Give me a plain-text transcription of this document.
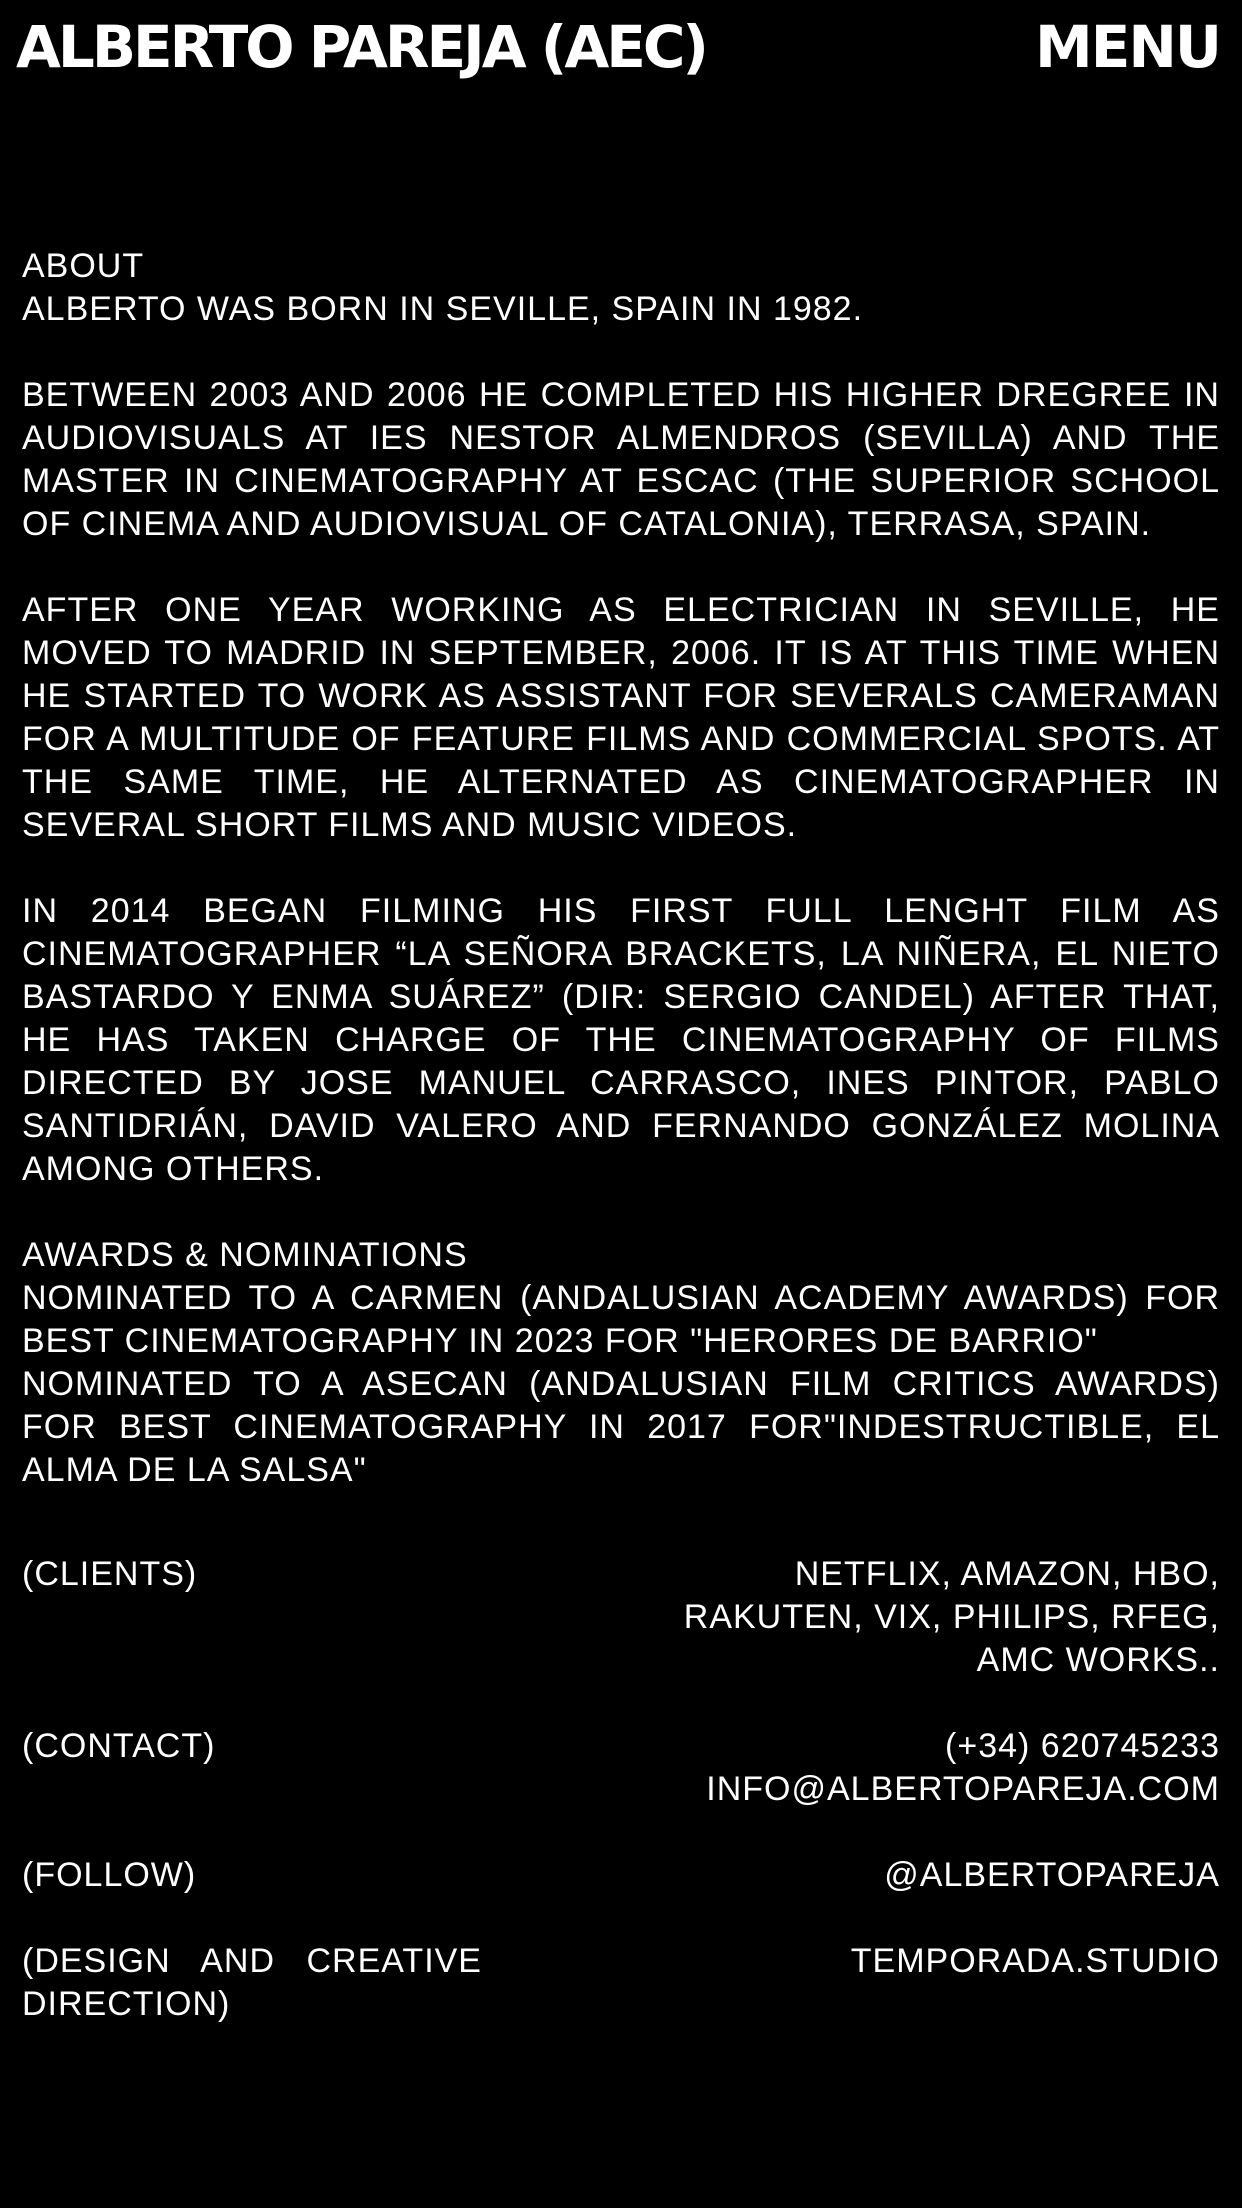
ALBERTO PAREJA (AEC)	MENU
ABOUT
ALBERTO WAS BORN IN SEVILLE, SPAIN IN 1982.

BETWEEN 2003 AND 2006 HE COMPLETED HIS HIGHER DREGREE IN AUDIOVISUALS AT IES NESTOR ALMENDROS (SEVILLA) AND THE MASTER IN CINEMATOGRAPHY AT ESCAC (THE SUPERIOR SCHOOL OF CINEMA AND AUDIOVISUAL OF CATALONIA), TERRASA, SPAIN.

AFTER ONE YEAR WORKING AS ELECTRICIAN IN SEVILLE, HE MOVED TO MADRID IN SEPTEMBER, 2006. IT IS AT THIS TIME WHEN HE STARTED TO WORK AS ASSISTANT FOR SEVERALS CAMERAMAN FOR A MULTITUDE OF FEATURE FILMS AND COMMERCIAL SPOTS. AT THE SAME TIME, HE ALTERNATED AS CINEMATOGRAPHER IN SEVERAL SHORT FILMS AND MUSIC VIDEOS.

IN 2014 BEGAN FILMING HIS FIRST FULL LENGHT FILM AS CINEMATOGRAPHER “LA SEÑORA BRACKETS, LA NIÑERA, EL NIETO BASTARDO Y ENMA SUÁREZ” (DIR: SERGIO CANDEL) AFTER THAT, HE HAS TAKEN CHARGE OF THE CINEMATOGRAPHY OF FILMS DIRECTED BY JOSE MANUEL CARRASCO, INES PINTOR, PABLO SANTIDRIÁN, DAVID VALERO AND FERNANDO GONZÁLEZ MOLINA AMONG OTHERS.

AWARDS & NOMINATIONS
NOMINATED TO A CARMEN (ANDALUSIAN ACADEMY AWARDS) FOR BEST CINEMATOGRAPHY IN 2023 FOR "HERORES DE BARRIO"
NOMINATED TO A ASECAN (ANDALUSIAN FILM CRITICS AWARDS) FOR BEST CINEMATOGRAPHY IN 2017 FOR"INDESTRUCTIBLE, EL ALMA DE LA SALSA"
(CLIENTS)	NETFLIX, AMAZON, HBO,
RAKUTEN, VIX, PHILIPS, RFEG,
AMC WORKS..
(CONTACT)	(+34) 620745233
INFO@ALBERTOPAREJA.COM
(FOLLOW)	@ALBERTOPAREJA
(DESIGN AND CREATIVE DIRECTION)
TEMPORADA.STUDIO
